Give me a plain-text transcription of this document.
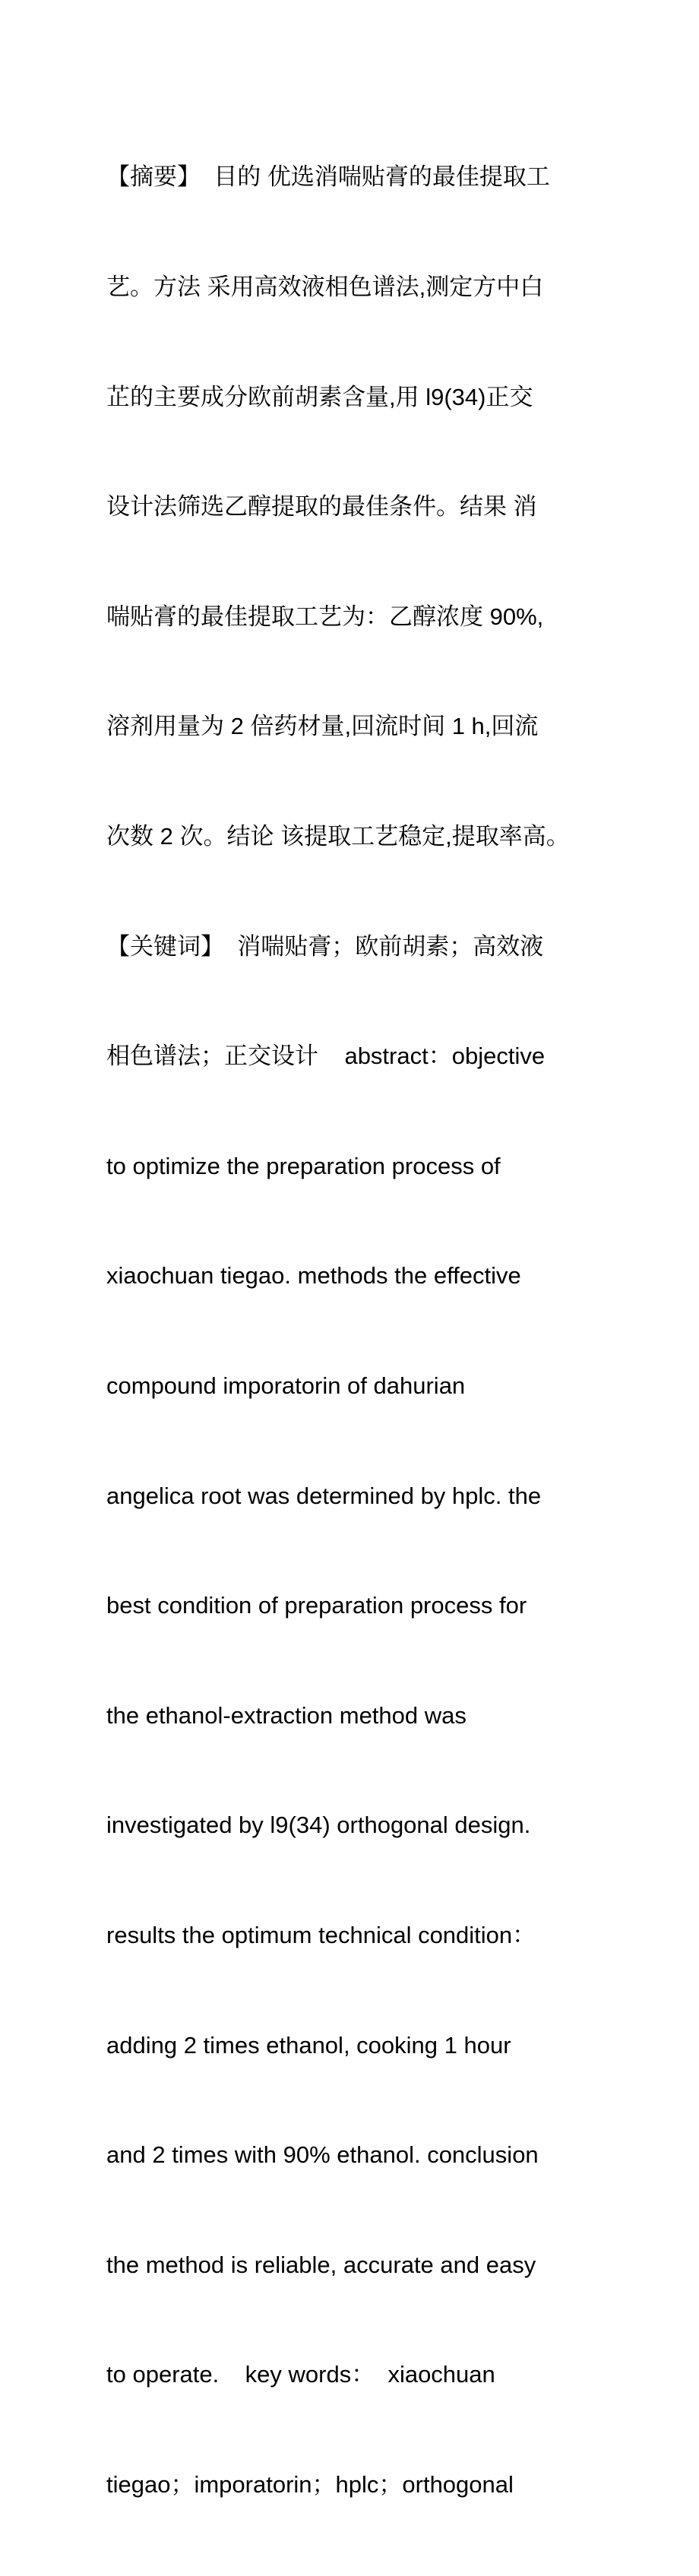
【摘要】  目的 优选消喘贴膏的最佳提取工

艺。方法 采用高效液相色谱法,测定方中白

芷的主要成分欧前胡素含量,用 l9(34)正交

设计法筛选乙醇提取的最佳条件。结果 消

喘贴膏的最佳提取工艺为：乙醇浓度 90%,

溶剂用量为 2 倍药材量,回流时间 1 h,回流

次数 2 次。结论 该提取工艺稳定,提取率高。

【关键词】  消喘贴膏；欧前胡素；高效液

相色谱法；正交设计    abstract：objective

to optimize the preparation process of

xiaochuan tiegao. methods the effective

compound imporatorin of dahurian

angelica root was determined by hplc. the

best condition of preparation process for

the ethanol-extraction method was

investigated by l9(34) orthogonal design.

results the optimum technical condition：

adding 2 times ethanol, cooking 1 hour

and 2 times with 90% ethanol. conclusion

the method is reliable, accurate and easy

to operate.    key words：  xiaochuan

tiegao；imporatorin；hplc；orthogonal
